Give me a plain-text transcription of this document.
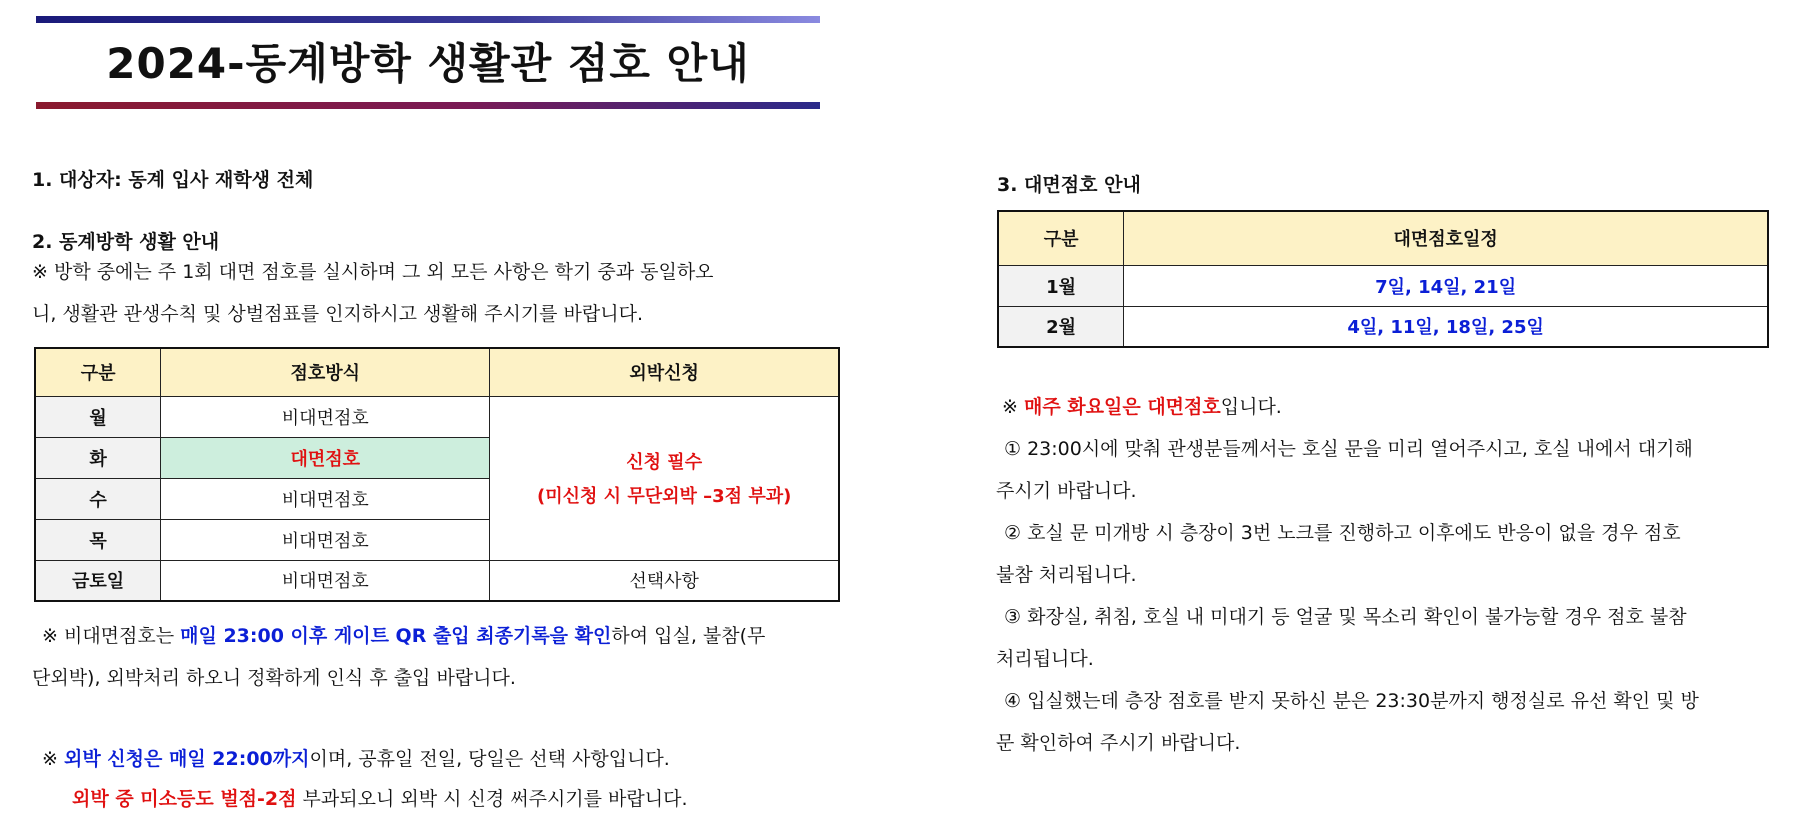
2024-동계방학 생활관 점호 안내
1. 대상자: 동계 입사 재학생 전체
2. 동계방학 생활 안내
※ 방학 중에는 주 1회 대면 점호를 실시하며 그 외 모든 사항은 학기 중과 동일하오
니, 생활관 관생수칙 및 상벌점표를 인지하시고 생활해 주시기를 바랍니다.
구분	점호방식	외박신청
월	비대면점호	신청 필수
(미신청 시 무단외박 –3점 부과)

화	대면점호	
수	비대면점호	
목	비대면점호	
금토일	비대면점호	선택사항
※ 비대면점호는 매일 23:00 이후 게이트 QR 출입 최종기록을 확인하여 입실, 불참(무
단외박), 외박처리 하오니 정확하게 인식 후 출입 바랍니다.
※ 외박 신청은 매일 22:00까지이며, 공휴일 전일, 당일은 선택 사항입니다.
외박 중 미소등도 벌점-2점 부과되오니 외박 시 신경 써주시기를 바랍니다.
3. 대면점호 안내
구분	대면점호일정
1월	7일, 14일, 21일
2월	4일, 11일, 18일, 25일
※ 매주 화요일은 대면점호입니다.
① 23:00시에 맞춰 관생분들께서는 호실 문을 미리 열어주시고, 호실 내에서 대기해
주시기 바랍니다.
② 호실 문 미개방 시 층장이 3번 노크를 진행하고 이후에도 반응이 없을 경우 점호
불참 처리됩니다.
③ 화장실, 취침, 호실 내 미대기 등 얼굴 및 목소리 확인이 불가능할 경우 점호 불참
처리됩니다.
④ 입실했는데 층장 점호를 받지 못하신 분은 23:30분까지 행정실로 유선 확인 및 방
문 확인하여 주시기 바랍니다.
